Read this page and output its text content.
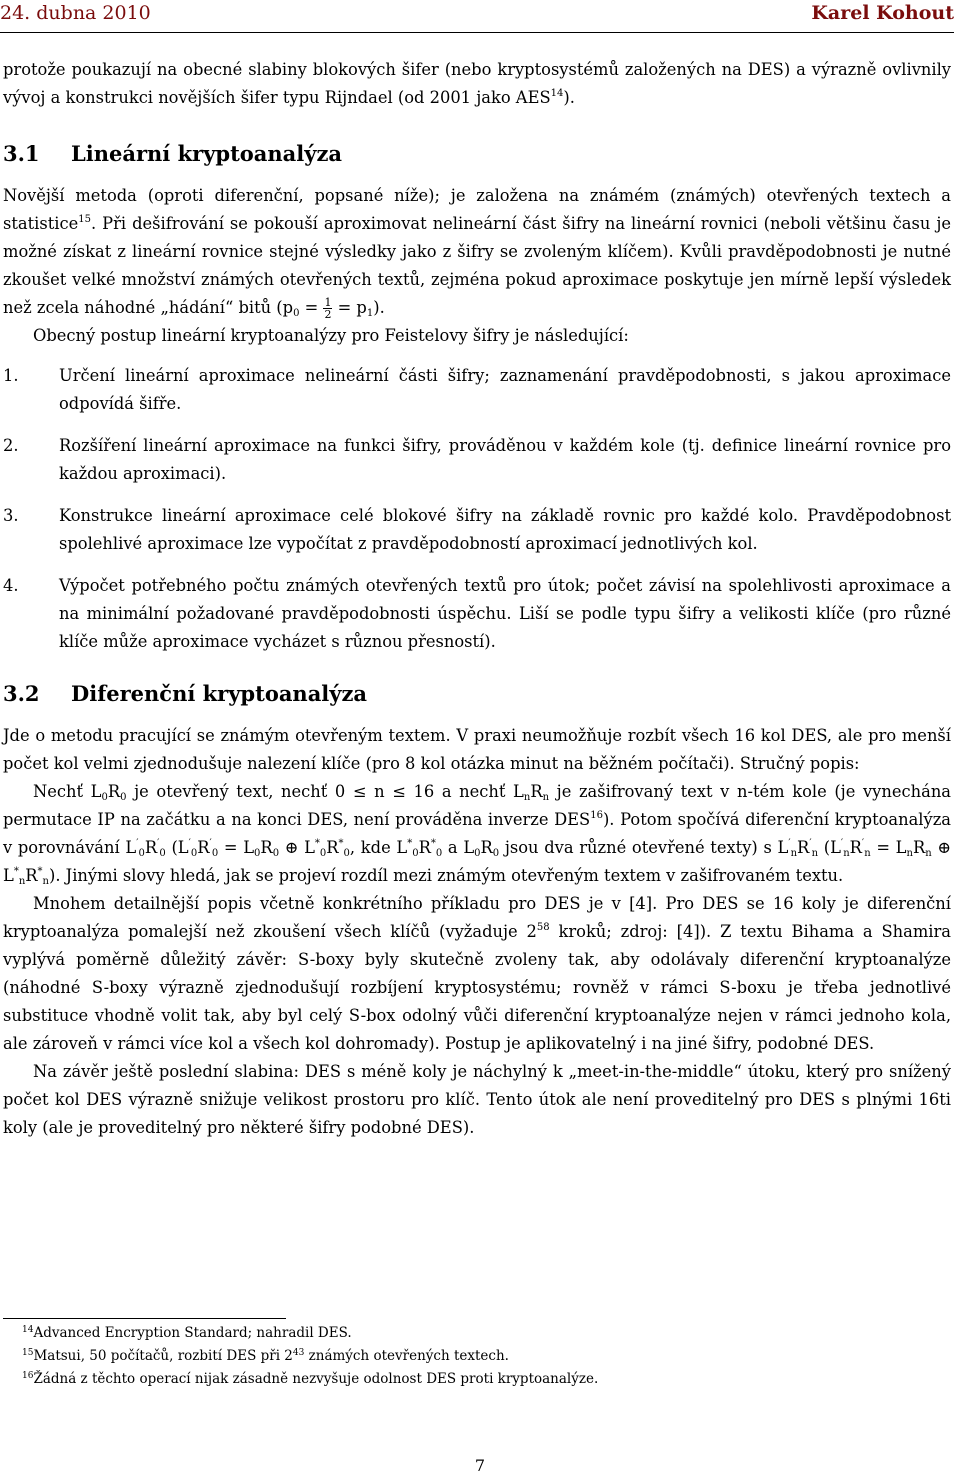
24. dubna 2010	Karel Kohout

protože poukazují na obecné slabiny blokových šifer (nebo kryptosystémů založených na DES) a výrazně ovlivnily vývoj a konstrukci novějších šifer typu Rijndael (od 2001 jako AES$^{14}$).

3.1 Lineární kryptoanalýza

Novější metoda (oproti diferenční, popsané níže); je založena na známém (známých) otevřených textech a statistice$^{15}$. Při dešifrování se pokouší aproximovat nelineární část šifry na lineární rovnici (neboli většinu času je možné získat z lineární rovnice stejné výsledky jako z šifry se zvoleným klíčem). Kvůli pravděpodobnosti je nutné zkoušet velké množství známých otevřených textů, zejména pokud aproximace poskytuje jen mírně lepší výsledek než zcela náhodné „hádání“ bitů $(p_0 = \frac{1}{2} = p_1)$.

Obecný postup lineární kryptoanalýzy pro Feistelovy šifry je následující:

1. Určení lineární aproximace nelineární části šifry; zaznamenání pravděpodobnosti, s jakou aproximace odpovídá šifře.
2. Rozšíření lineární aproximace na funkci šifry, prováděnou v každém kole (tj. definice lineární rovnice pro každou aproximaci).
3. Konstrukce lineární aproximace celé blokové šifry na základě rovnic pro každé kolo. Pravděpodobnost spolehlivé aproximace lze vypočítat z pravděpodobností aproximací jednotlivých kol.
4. Výpočet potřebného počtu známých otevřených textů pro útok; počet závisí na spolehlivosti aproximace a na minimální požadované pravděpodobnosti úspěchu. Liší se podle typu šifry a velikosti klíče (pro různé klíče může aproximace vycházet s různou přesností).
3.2 Diferenční kryptoanalýza

Jde o metodu pracující se známým otevřeným textem. V praxi neumožňuje rozbít všech 16 kol DES, ale pro menší počet kol velmi zjednodušuje nalezení klíče (pro 8 kol otázka minut na běžném počítači). Stručný popis:

Nechť $L_0R_0$ je otevřený text, nechť 0 ≤ n ≤ 16 a nechť $L_nR_n$ je zašifrovaný text v n-tém kole (je vynechána permutace IP na začátku a na konci DES, není prováděna inverze DES$^{16}$). Potom spočívá diferenční kryptoanalýza v porovnávání $L'_0R'_0$ ($L'_0R'_0 = L_0R_0$ ⊕ $L^*_0R^*_0$, kde $L^*_0R^*_0$ a $L_0R_0$ jsou dva různé otevřené texty) s $L'_nR'_n$ ($L'_nR'_n = L_nR_n$ ⊕ $L^*_nR^*_n$). Jinými slovy hledá, jak se projeví rozdíl mezi známým otevřeným textem v zašifrovaném textu.

Mnohem detailnější popis včetně konkrétního příkladu pro DES je v [4]. Pro DES se 16 koly je diferenční kryptoanalýza pomalejší než zkoušení všech klíčů (vyžaduje $2^{58}$ kroků; zdroj: [4]). Z textu Bihama a Shamira vyplývá poměrně důležitý závěr: S-boxy byly skutečně zvoleny tak, aby odolávaly diferenční kryptoanalýze (náhodné S-boxy výrazně zjednodušují rozbíjení kryptosystému; rovněž v rámci S-boxu je třeba jednotlivé substituce vhodně volit tak, aby byl celý S-box odolný vůči diferenční kryptoanalýze nejen v rámci jednoho kola, ale zároveň v rámci více kol a všech kol dohromady). Postup je aplikovatelný i na jiné šifry, podobné DES.

Na závěr ještě poslední slabina: DES s méně koly je náchylný k „meet-in-the-middle“ útoku, který pro snížený počet kol DES výrazně snižuje velikost prostoru pro klíč. Tento útok ale není proveditelný pro DES s plnými 16ti koly (ale je proveditelný pro některé šifry podobné DES).

$^{14}$Advanced Encryption Standard; nahradil DES.
$^{15}$Matsui, 50 počítačů, rozbití DES při $2^{43}$ známých otevřených textech.
$^{16}$Žádná z těchto operací nijak zásadně nezvyšuje odolnost DES proti kryptoanalýze.
7
